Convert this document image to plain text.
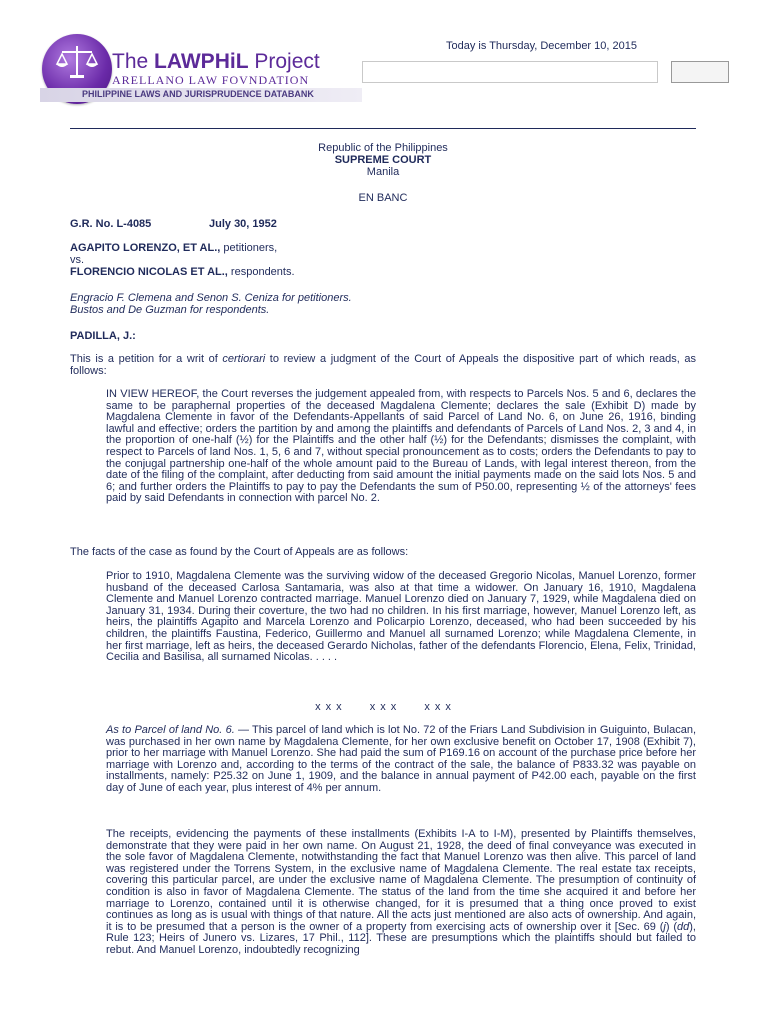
LAWPHiL
The LAWPHiL Project
ARELLANO LAW FOVNDATION
PHILIPPINE LAWS AND JURISPRUDENCE DATABANK
Today is Thursday, December 10, 2015
Republic of the Philippines
SUPREME COURT
Manila
EN BANC
G.R. No. L-4085	July 30, 1952
AGAPITO LORENZO, ET AL., petitioners,
vs.
FLORENCIO NICOLAS ET AL., respondents.
Engracio F. Clemena and Senon S. Ceniza for petitioners.
Bustos and De Guzman for respondents.
PADILLA, J.:

This is a petition for a writ of certiorari to review a judgment of the Court of Appeals the dispositive part of which reads, as follows:

IN VIEW HEREOF, the Court reverses the judgement appealed from, with respects to Parcels Nos. 5 and 6, declares the same to be paraphernal properties of the deceased Magdalena Clemente; declares the sale (Exhibit D) made by Magdalena Clemente in favor of the Defendants-Appellants of said Parcel of Land No. 6, on June 26, 1916, binding lawful and effective; orders the partition by and among the plaintiffs and defendants of Parcels of Land Nos. 2, 3 and 4, in the proportion of one-half (½) for the Plaintiffs and the other half (½) for the Defendants; dismisses the complaint, with respect to Parcels of land Nos. 1, 5, 6 and 7, without special pronouncement as to costs; orders the Defendants to pay to the conjugal partnership one-half of the whole amount paid to the Bureau of Lands, with legal interest thereon, from the date of the filing of the complaint, after deducting from said amount the initial payments made on the said lots Nos. 5 and 6; and further orders the Plaintiffs to pay to pay the Defendants the sum of P50.00, representing ½ of the attorneys' fees paid by said Defendants in connection with parcel No. 2.
The facts of the case as found by the Court of Appeals are as follows:
Prior to 1910, Magdalena Clemente was the surviving widow of the deceased Gregorio Nicolas, Manuel Lorenzo, former husband of the deceased Carlosa Santamaria, was also at that time a widower. On January 16, 1910, Magdalena Clemente and Manuel Lorenzo contracted marriage. Manuel Lorenzo died on January 7, 1929, while Magdalena died on January 31, 1934. During their coverture, the two had no children. In his first marriage, however, Manuel Lorenzo left, as heirs, the plaintiffs Agapito and Marcela Lorenzo and Policarpio Lorenzo, deceased, who had been succeeded by his children, the plaintiffs Faustina, Federico, Guillermo and Manuel all surnamed Lorenzo; while Magdalena Clemente, in her first marriage, left as heirs, the deceased Gerardo Nicholas, father of the defendants Florencio, Elena, Felix, Trinidad, Cecilia and Basilisa, all surnamed Nicolas. . . . .
x x x	x x x	x x x

As to Parcel of land No. 6. — This parcel of land which is lot No. 72 of the Friars Land Subdivision in Guiguinto, Bulacan, was purchased in her own name by Magdalena Clemente, for her own exclusive benefit on October 17, 1908 (Exhibit 7), prior to her marriage with Manuel Lorenzo. She had paid the sum of P169.16 on account of the purchase price before her marriage with Lorenzo and, according to the terms of the contract of the sale, the balance of P833.32 was payable on installments, namely: P25.32 on June 1, 1909, and the balance in annual payment of P42.00 each, payable on the first day of June of each year, plus interest of 4% per annum.

The receipts, evidencing the payments of these installments (Exhibits I-A to I-M), presented by Plaintiffs themselves, demonstrate that they were paid in her own name. On August 21, 1928, the deed of final conveyance was executed in the sole favor of Magdalena Clemente, notwithstanding the fact that Manuel Lorenzo was then alive. This parcel of land was registered under the Torrens System, in the exclusive name of Magdalena Clemente. The real estate tax receipts, covering this particular parcel, are under the exclusive name of Magdalena Clemente. The presumption of continuity of condition is also in favor of Magdalena Clemente. The status of the land from the time she acquired it and before her marriage to Lorenzo, contained until it is otherwise changed, for it is presumed that a thing once proved to exist continues as long as is usual with things of that nature. All the acts just mentioned are also acts of ownership. And again, it is to be presumed that a person is the owner of a property from exercising acts of ownership over it [Sec. 69 (j) (dd), Rule 123; Heirs of Junero vs. Lizares, 17 Phil., 112]. These are presumptions which the plaintiffs should but failed to rebut. And Manuel Lorenzo, indoubtedly recognizing
